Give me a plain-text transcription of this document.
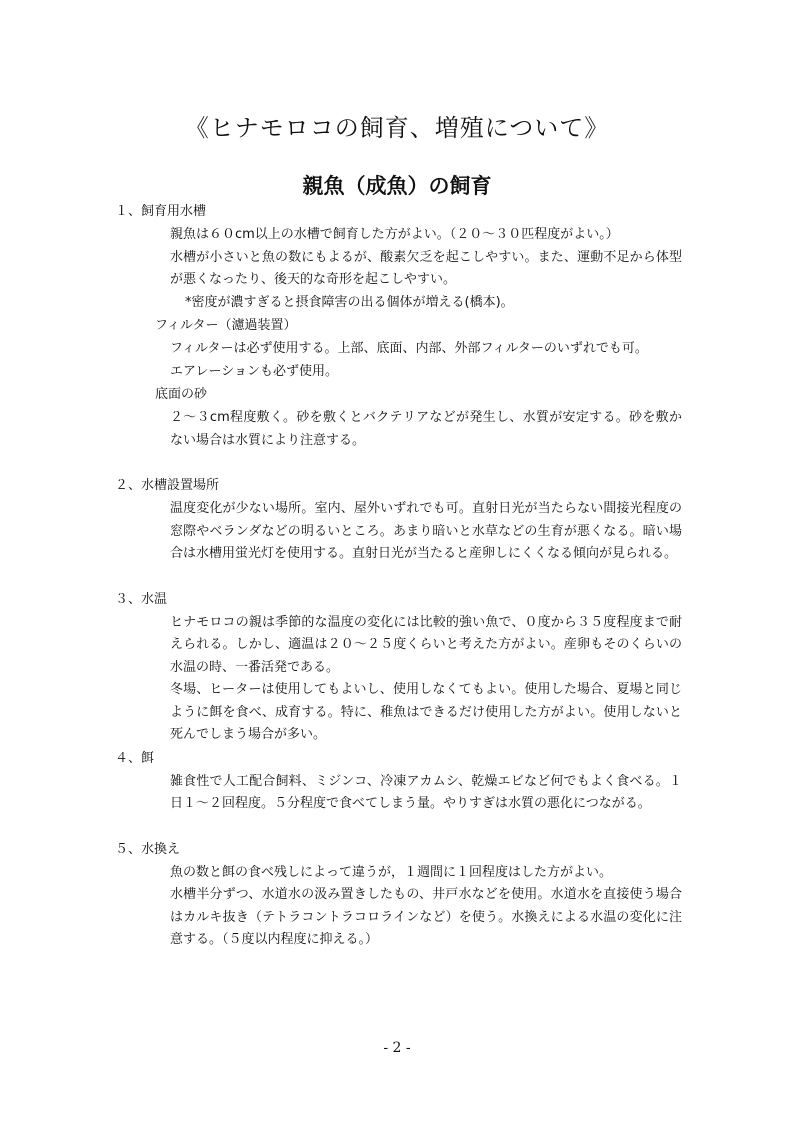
《ヒナモロコの飼育、増殖について》
親魚（成魚）の飼育
１、飼育用水槽

親魚は６０cm以上の水槽で飼育した方がよい。（２０～３０匹程度がよい。）

水槽が小さいと魚の数にもよるが、酸素欠乏を起こしやすい。また、運動不足から体型が悪くなったり、後天的な奇形を起こしやすい。

*密度が濃すぎると摂食障害の出る個体が増える(橋本)。
フィルター（濾過装置）

フィルターは必ず使用する。上部、底面、内部、外部フィルターのいずれでも可。

エアレーションも必ず使用。

底面の砂

２～３cm程度敷く。砂を敷くとバクテリアなどが発生し、水質が安定する。砂を敷かない場合は水質により注意する。

２、水槽設置場所

温度変化が少ない場所。室内、屋外いずれでも可。直射日光が当たらない間接光程度の窓際やベランダなどの明るいところ。あまり暗いと水草などの生育が悪くなる。暗い場合は水槽用蛍光灯を使用する。直射日光が当たると産卵しにくくなる傾向が見られる。

３、水温

ヒナモロコの親は季節的な温度の変化には比較的強い魚で、０度から３５度程度まで耐えられる。しかし、適温は２０～２５度くらいと考えた方がよい。産卵もそのくらいの水温の時、一番活発である。

冬場、ヒーターは使用してもよいし、使用しなくてもよい。使用した場合、夏場と同じように餌を食べ、成育する。特に、稚魚はできるだけ使用した方がよい。使用しないと死んでしまう場合が多い。

４、餌

雑食性で人工配合飼料、ミジンコ、冷凍アカムシ、乾燥エビなど何でもよく食べる。１日１～２回程度。５分程度で食べてしまう量。やりすぎは水質の悪化につながる。

５、水換え

魚の数と餌の食べ残しによって違うが，１週間に１回程度はした方がよい。

水槽半分ずつ、水道水の汲み置きしたもの、井戸水などを使用。水道水を直接使う場合はカルキ抜き（テトラコントラコロラインなど）を使う。水換えによる水温の変化に注意する。（５度以内程度に抑える。）

- 2 -
